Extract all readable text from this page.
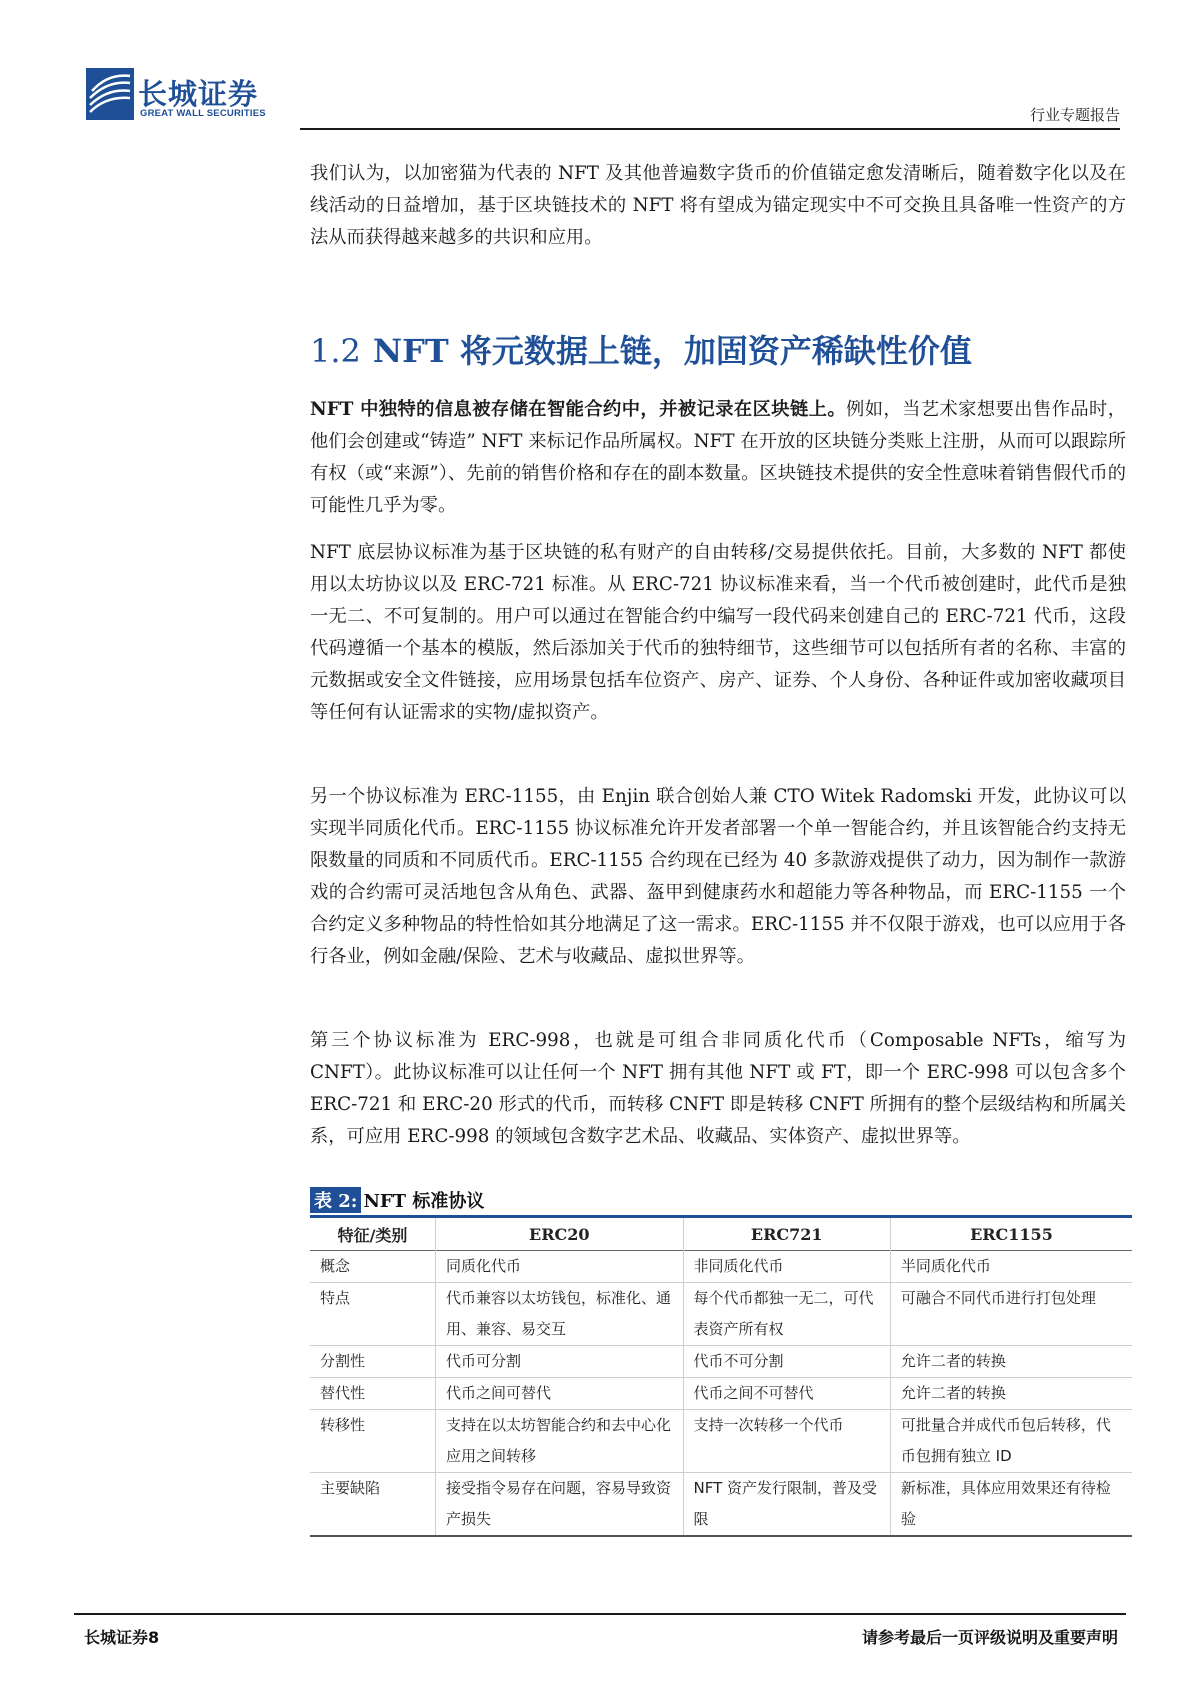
长城证券
GREAT WALL SECURITIES	行业专题报告

我们认为，以加密猫为代表的 NFT 及其他普遍数字货币的价值锚定愈发清晰后，随着数字化以及在线活动的日益增加，基于区块链技术的 NFT 将有望成为锚定现实中不可交换且具备唯一性资产的方法从而获得越来越多的共识和应用。

1.2 NFT 将元数据上链，加固资产稀缺性价值

NFT 中独特的信息被存储在智能合约中，并被记录在区块链上。例如，当艺术家想要出售作品时，他们会创建或“铸造” NFT 来标记作品所属权。NFT 在开放的区块链分类账上注册，从而可以跟踪所有权（或“来源”）、先前的销售价格和存在的副本数量。区块链技术提供的安全性意味着销售假代币的可能性几乎为零。

NFT 底层协议标准为基于区块链的私有财产的自由转移/交易提供依托。目前，大多数的 NFT 都使用以太坊协议以及 ERC-721 标准。从 ERC-721 协议标准来看，当一个代币被创建时，此代币是独一无二、不可复制的。用户可以通过在智能合约中编写一段代码来创建自己的 ERC-721 代币，这段代码遵循一个基本的模版，然后添加关于代币的独特细节，这些细节可以包括所有者的名称、丰富的元数据或安全文件链接，应用场景包括车位资产、房产、证券、个人身份、各种证件或加密收藏项目等任何有认证需求的实物/虚拟资产。

另一个协议标准为 ERC-1155，由 Enjin 联合创始人兼 CTO Witek Radomski 开发，此协议可以实现半同质化代币。ERC-1155 协议标准允许开发者部署一个单一智能合约，并且该智能合约支持无限数量的同质和不同质代币。ERC-1155 合约现在已经为 40 多款游戏提供了动力，因为制作一款游戏的合约需可灵活地包含从角色、武器、盔甲到健康药水和超能力等各种物品，而 ERC-1155 一个合约定义多种物品的特性恰如其分地满足了这一需求。ERC-1155 并不仅限于游戏，也可以应用于各行各业，例如金融/保险、艺术与收藏品、虚拟世界等。

第三个协议标准为 ERC-998，也就是可组合非同质化代币（Composable NFTs，缩写为 CNFT）。此协议标准可以让任何一个 NFT 拥有其他 NFT 或 FT，即一个 ERC-998 可以包含多个 ERC-721 和 ERC-20 形式的代币，而转移 CNFT 即是转移 CNFT 所拥有的整个层级结构和所属关系，可应用 ERC-998 的领域包含数字艺术品、收藏品、实体资产、虚拟世界等。

表 2: NFT 标准协议
特征/类别	ERC20	ERC721	ERC1155
概念	同质化代币	非同质化代币	半同质化代币
特点	代币兼容以太坊钱包，标准化、通用、兼容、易交互	每个代币都独一无二，可代表资产所有权	可融合不同代币进行打包处理
分割性	代币可分割	代币不可分割	允许二者的转换
替代性	代币之间可替代	代币之间不可替代	允许二者的转换
转移性	支持在以太坊智能合约和去中心化应用之间转移	支持一次转移一个代币	可批量合并成代币包后转移，代币包拥有独立 ID
主要缺陷	接受指令易存在问题，容易导致资产损失	NFT 资产发行限制，普及受限	新标准，具体应用效果还有待检验
长城证券8	请参考最后一页评级说明及重要声明
